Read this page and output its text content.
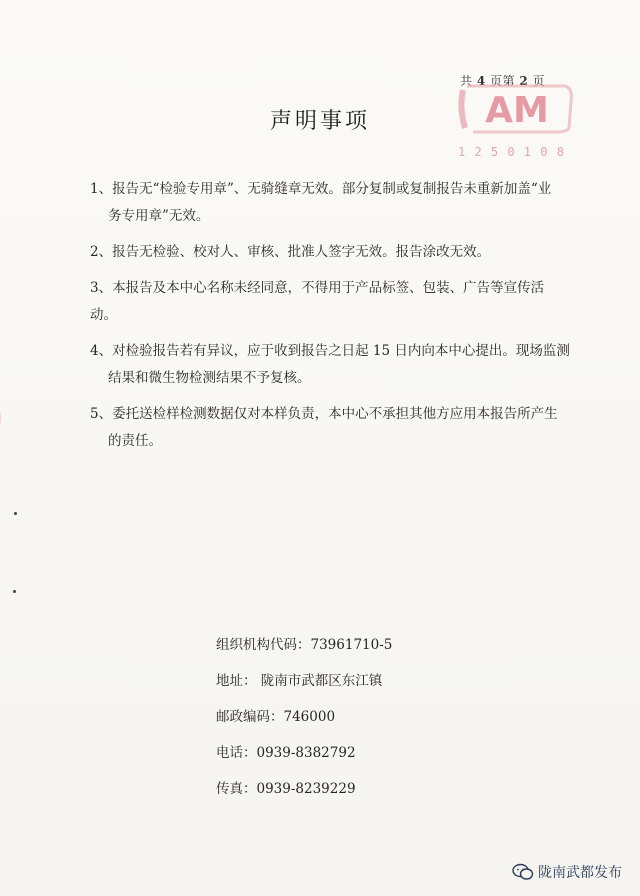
共 4 页第 2 页
AM
1 2 5 0 1 0 8
声明事项
1、报告无“检验专用章”、无骑缝章无效。部分复制或复制报告未重新加盖“业
务专用章”无效。
2、报告无检验、校对人、审核、批准人签字无效。报告涂改无效。
3、本报告及本中心名称未经同意，不得用于产品标签、包装、广告等宣传活动。
4、对检验报告若有异议，应于收到报告之日起 15 日内向本中心提出。现场监测
结果和微生物检测结果不予复核。
5、委托送检样检测数据仅对本样负责，本中心不承担其他方应用本报告所产生
的责任。
组织机构代码：73961710-5
地址： 陇南市武都区东江镇
邮政编码：746000
电话：0939-8382792
传真：0939-8239229
陇南武都发布
